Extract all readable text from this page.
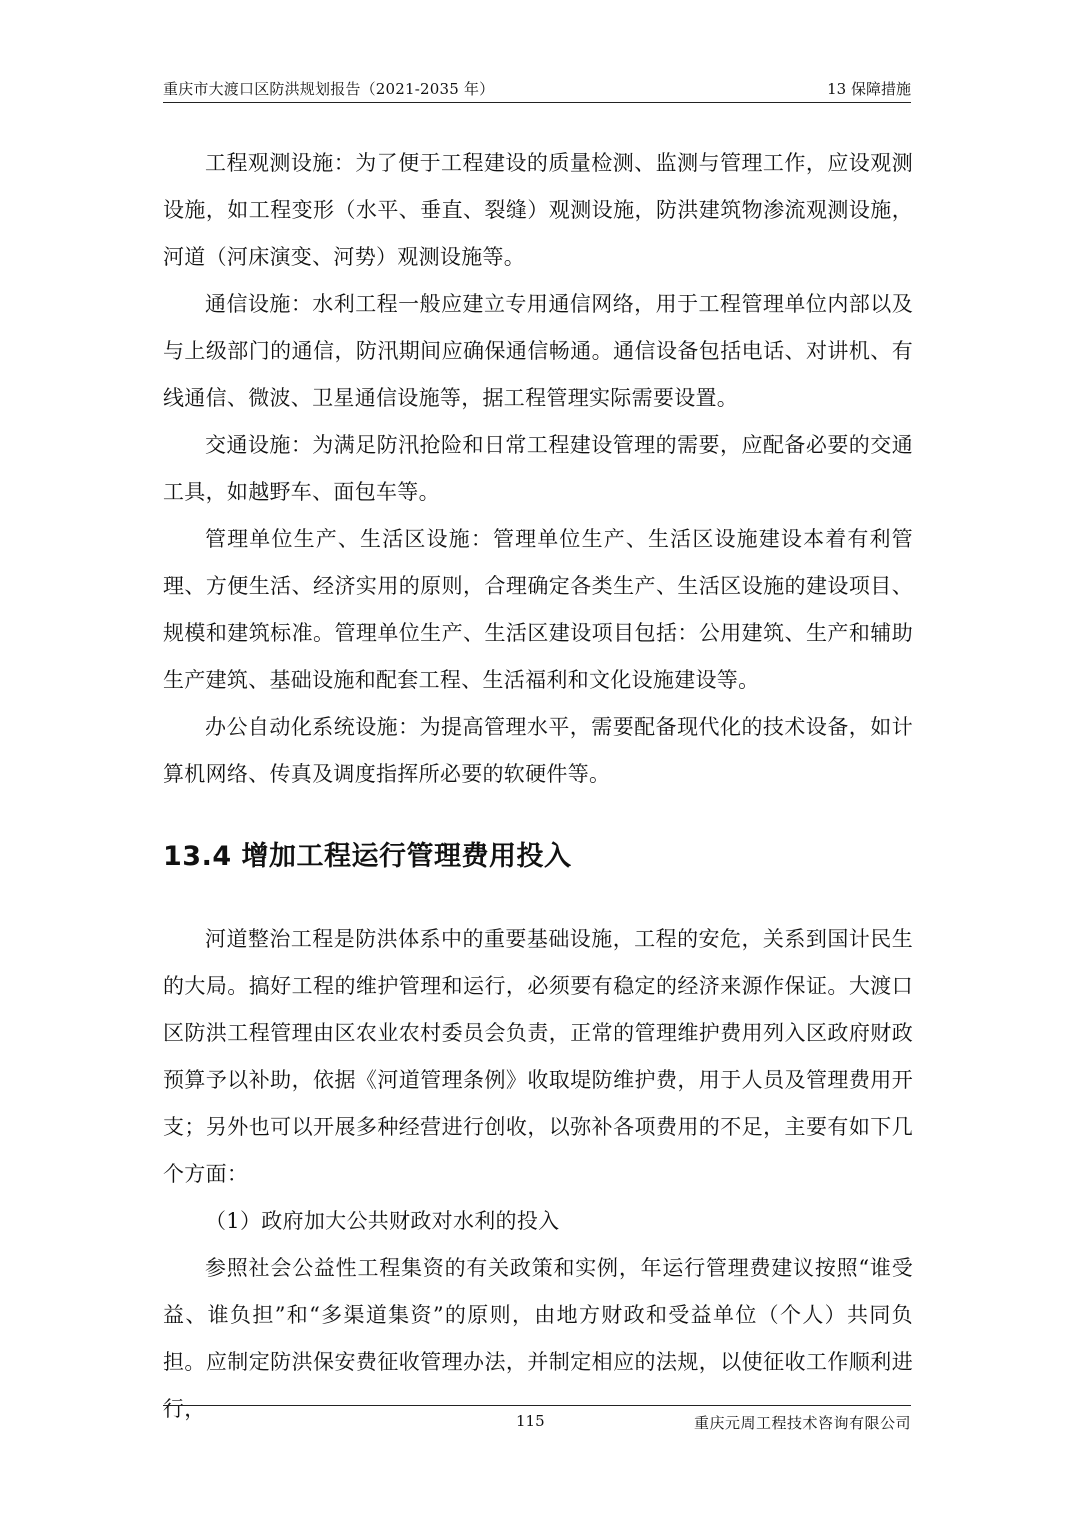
重庆市大渡口区防洪规划报告（2021-2035 年）	13 保障措施

工程观测设施：为了便于工程建设的质量检测、监测与管理工作，应设观测设施，如工程变形（水平、垂直、裂缝）观测设施，防洪建筑物渗流观测设施，河道（河床演变、河势）观测设施等。

通信设施：水利工程一般应建立专用通信网络，用于工程管理单位内部以及与上级部门的通信，防汛期间应确保通信畅通。通信设备包括电话、对讲机、有线通信、微波、卫星通信设施等，据工程管理实际需要设置。

交通设施：为满足防汛抢险和日常工程建设管理的需要，应配备必要的交通工具，如越野车、面包车等。

管理单位生产、生活区设施：管理单位生产、生活区设施建设本着有利管理、方便生活、经济实用的原则，合理确定各类生产、生活区设施的建设项目、规模和建筑标准。管理单位生产、生活区建设项目包括：公用建筑、生产和辅助生产建筑、基础设施和配套工程、生活福利和文化设施建设等。

办公自动化系统设施：为提高管理水平，需要配备现代化的技术设备，如计算机网络、传真及调度指挥所必要的软硬件等。

13.4 增加工程运行管理费用投入

河道整治工程是防洪体系中的重要基础设施，工程的安危，关系到国计民生的大局。搞好工程的维护管理和运行，必须要有稳定的经济来源作保证。大渡口区防洪工程管理由区农业农村委员会负责，正常的管理维护费用列入区政府财政预算予以补助，依据《河道管理条例》收取堤防维护费，用于人员及管理费用开支；另外也可以开展多种经营进行创收，以弥补各项费用的不足，主要有如下几个方面：

（1）政府加大公共财政对水利的投入

参照社会公益性工程集资的有关政策和实例，年运行管理费建议按照“谁受益、谁负担”和“多渠道集资”的原则，由地方财政和受益单位（个人）共同负担。应制定防洪保安费征收管理办法，并制定相应的法规，以使征收工作顺利进行，	115	重庆元周工程技术咨询有限公司
